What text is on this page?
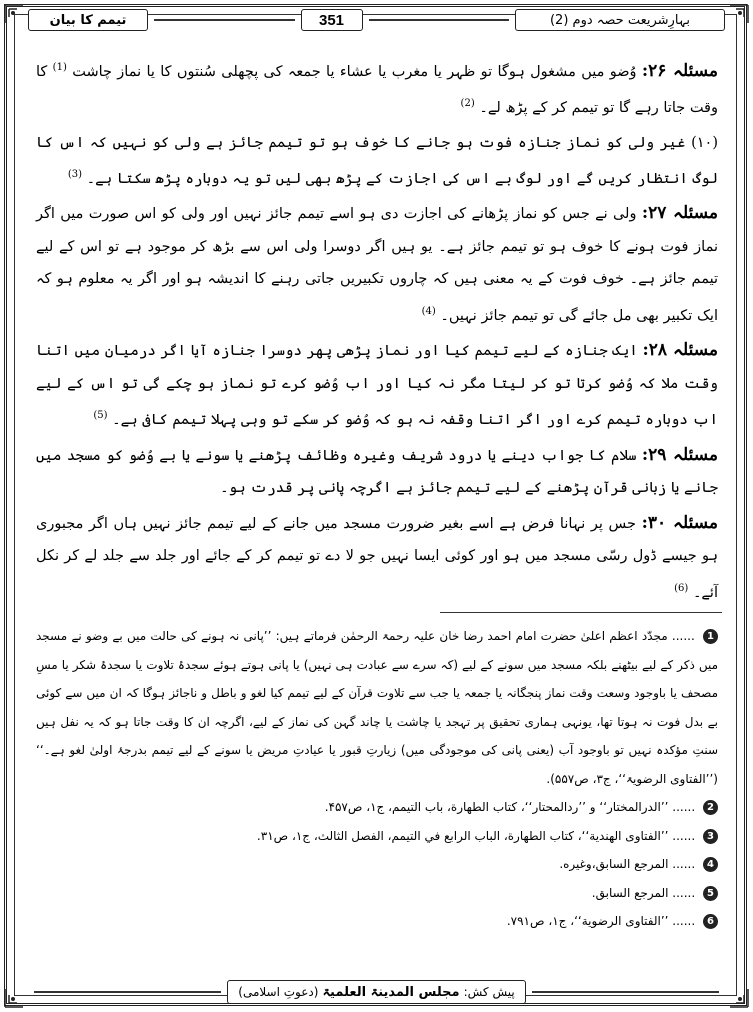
بہارِشریعت حصہ دوم (2)
351
تیمم کا بیان

مسئلہ ۲۶: وُضو میں مشغول ہوگا تو ظہر یا مغرب یا عشاء یا جمعہ کی پچھلی سُنتوں کا یا نماز چاشت $^{(1)}$ کا وقت جاتا رہے گا تو تیمم کر کے پڑھ لے۔ $^{(2)}$

(۱۰) غیر ولی کو نماز جنازہ فوت ہو جانے کا خوف ہو تو تیمم جائز ہے ولی کو نہیں کہ اس کا لوگ انتظار کریں گے اور لوگ بے اس کی اجازت کے پڑھ بھی لیں تو یہ دوبارہ پڑھ سکتا ہے۔ $^{(3)}$

مسئلہ ۲۷: ولی نے جس کو نماز پڑھانے کی اجازت دی ہو اسے تیمم جائز نہیں اور ولی کو اس صورت میں اگر نماز فوت ہونے کا خوف ہو تو تیمم جائز ہے۔ یو ہیں اگر دوسرا ولی اس سے بڑھ کر موجود ہے تو اس کے لیے تیمم جائز ہے۔ خوف فوت کے یہ معنی ہیں کہ چاروں تکبیریں جاتی رہنے کا اندیشہ ہو اور اگر یہ معلوم ہو کہ ایک تکبیر بھی مل جائے گی تو تیمم جائز نہیں۔ $^{(4)}$

مسئلہ ۲۸: ایک جنازہ کے لیے تیمم کیا اور نماز پڑھی پھر دوسرا جنازہ آیا اگر درمیان میں اتنا وقت ملا کہ وُضو کرتا تو کر لیتا مگر نہ کیا اور اب وُضو کرے تو نماز ہو چکے گی تو اس کے لیے اب دوبارہ تیمم کرے اور اگر اتنا وقفہ نہ ہو کہ وُضو کر سکے تو وہی پہلا تیمم کافی ہے۔ $^{(5)}$

مسئلہ ۲۹: سلام کا جواب دینے یا درود شریف وغیرہ وظائف پڑھنے یا سونے یا بے وُضو کو مسجد میں جانے یا زبانی قرآن پڑھنے کے لیے تیمم جائز ہے اگرچہ پانی پر قدرت ہو۔

مسئلہ ۳۰: جس پر نہانا فرض ہے اسے بغیر ضرورت مسجد میں جانے کے لیے تیمم جائز نہیں ہاں اگر مجبوری ہو جیسے ڈول رسّی مسجد میں ہو اور کوئی ایسا نہیں جو لا دے تو تیمم کر کے جائے اور جلد سے جلد لے کر نکل آئے۔ $^{(6)}$

1 ...... مجدّد اعظم اعلیٰ حضرت امام احمد رضا خان علیہ رحمۃ الرحمٰن فرماتے ہیں: ’’پانی نہ ہونے کی حالت میں بے وضو نے مسجد میں ذکر کے لیے بیٹھنے بلکہ مسجد میں سونے کے لیے (کہ سرے سے عبادت ہی نہیں) یا پانی ہوتے ہوئے سجدۂ تلاوت یا سجدۂ شکر یا مسِ مصحف یا باوجود وسعت وقت نماز پنجگانہ یا جمعہ یا جب سے تلاوت قرآن کے لیے تیمم کیا لغو و باطل و ناجائز ہوگا کہ ان میں سے کوئی بے بدل فوت نہ ہوتا تھا، یونہی ہماری تحقیق پر تہجد یا چاشت یا چاند گہن کی نماز کے لیے، اگرچہ ان کا وقت جاتا ہو کہ یہ نفل ہیں سنتِ مؤکدہ نہیں تو باوجود آب (یعنی پانی کی موجودگی میں) زیارتِ قبور یا عیادتِ مریض یا سونے کے لیے تیمم بدرجۂ اولیٰ لغو ہے۔‘‘ (’’الفتاوی الرضویۃ‘‘، ج۳، ص۵۵۷).

2 ...... ’’الدرالمختار‘‘ و ’’ردالمحتار‘‘، کتاب الطهارة، باب التيمم، ج۱، ص۴۵۷.

3 ...... ’’الفتاوى الهندية‘‘، كتاب الطهارة، الباب الرابع في التيمم، الفصل الثالث، ج۱، ص۳۱.

4 ...... المرجع السابق،وغيره.

5 ...... المرجع السابق.

6 ...... ’’الفتاوى الرضوية‘‘، ج۱، ص۷۹۱.

پیش کش:
مجلس المدینۃ العلمیۃ
(دعوتِ اسلامی)
